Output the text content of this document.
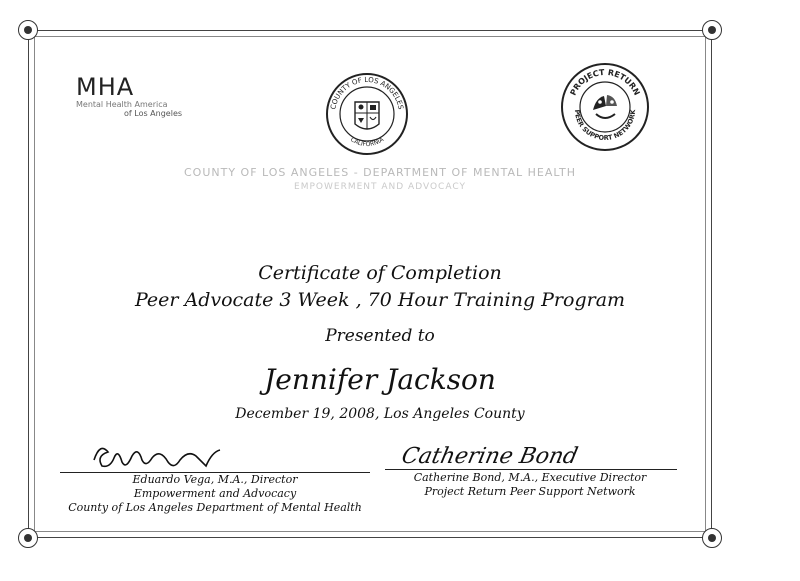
MHA
Mental Health America
of Los Angeles
COUNTY OF LOS ANGELES
CALIFORNIA
PROJECT RETURN
PEER SUPPORT NETWORK
COUNTY OF LOS ANGELES - DEPARTMENT OF MENTAL HEALTH
EMPOWERMENT AND ADVOCACY
Certificate of Completion
Peer Advocate 3 Week , 70 Hour Training Program
Presented to
Jennifer Jackson
December 19, 2008, Los Angeles County
Catherine Bond
Eduardo Vega, M.A., Director
Empowerment and Advocacy
County of Los Angeles Department of Mental Health
Catherine Bond, M.A., Executive Director
Project Return Peer Support Network
